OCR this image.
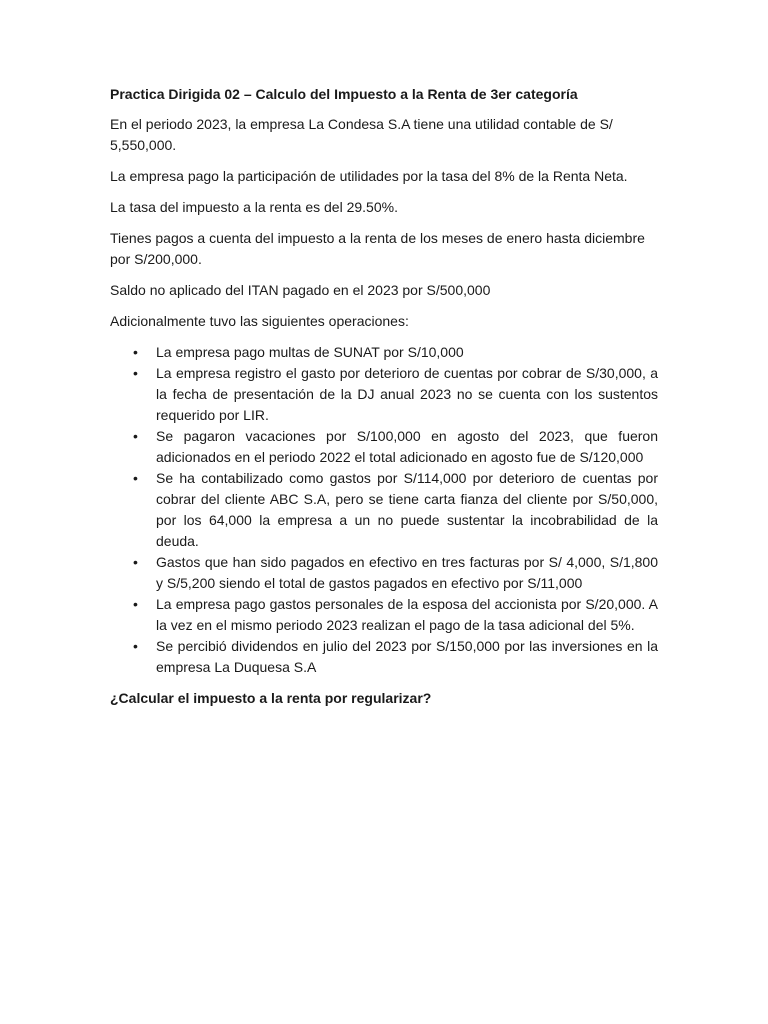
Practica Dirigida 02 – Calculo del Impuesto a la Renta de 3er categoría

En el periodo 2023, la empresa La Condesa S.A tiene una utilidad contable de S/ 5,550,000.

La empresa pago la participación de utilidades por la tasa del 8% de la Renta Neta.

La tasa del impuesto a la renta es del 29.50%.

Tienes pagos a cuenta del impuesto a la renta de los meses de enero hasta diciembre por S/200,000.

Saldo no aplicado del ITAN pagado en el 2023 por S/500,000

Adicionalmente tuvo las siguientes operaciones:

• La empresa pago multas de SUNAT por S/10,000
• La empresa registro el gasto por deterioro de cuentas por cobrar de S/30,000, a la fecha de presentación de la DJ anual 2023 no se cuenta con los sustentos requerido por LIR.
• Se pagaron vacaciones por S/100,000 en agosto del 2023, que fueron adicionados en el periodo 2022 el total adicionado en agosto fue de S/120,000
• Se ha contabilizado como gastos por S/114,000 por deterioro de cuentas por cobrar del cliente ABC S.A, pero se tiene carta fianza del cliente por S/50,000, por los 64,000 la empresa a un no puede sustentar la incobrabilidad de la deuda.
• Gastos que han sido pagados en efectivo en tres facturas por S/ 4,000, S/1,800 y S/5,200 siendo el total de gastos pagados en efectivo por S/11,000
• La empresa pago gastos personales de la esposa del accionista por S/20,000. A la vez en el mismo periodo 2023 realizan el pago de la tasa adicional del 5%.
• Se percibió dividendos en julio del 2023 por S/150,000 por las inversiones en la empresa La Duquesa S.A

¿Calcular el impuesto a la renta por regularizar?
